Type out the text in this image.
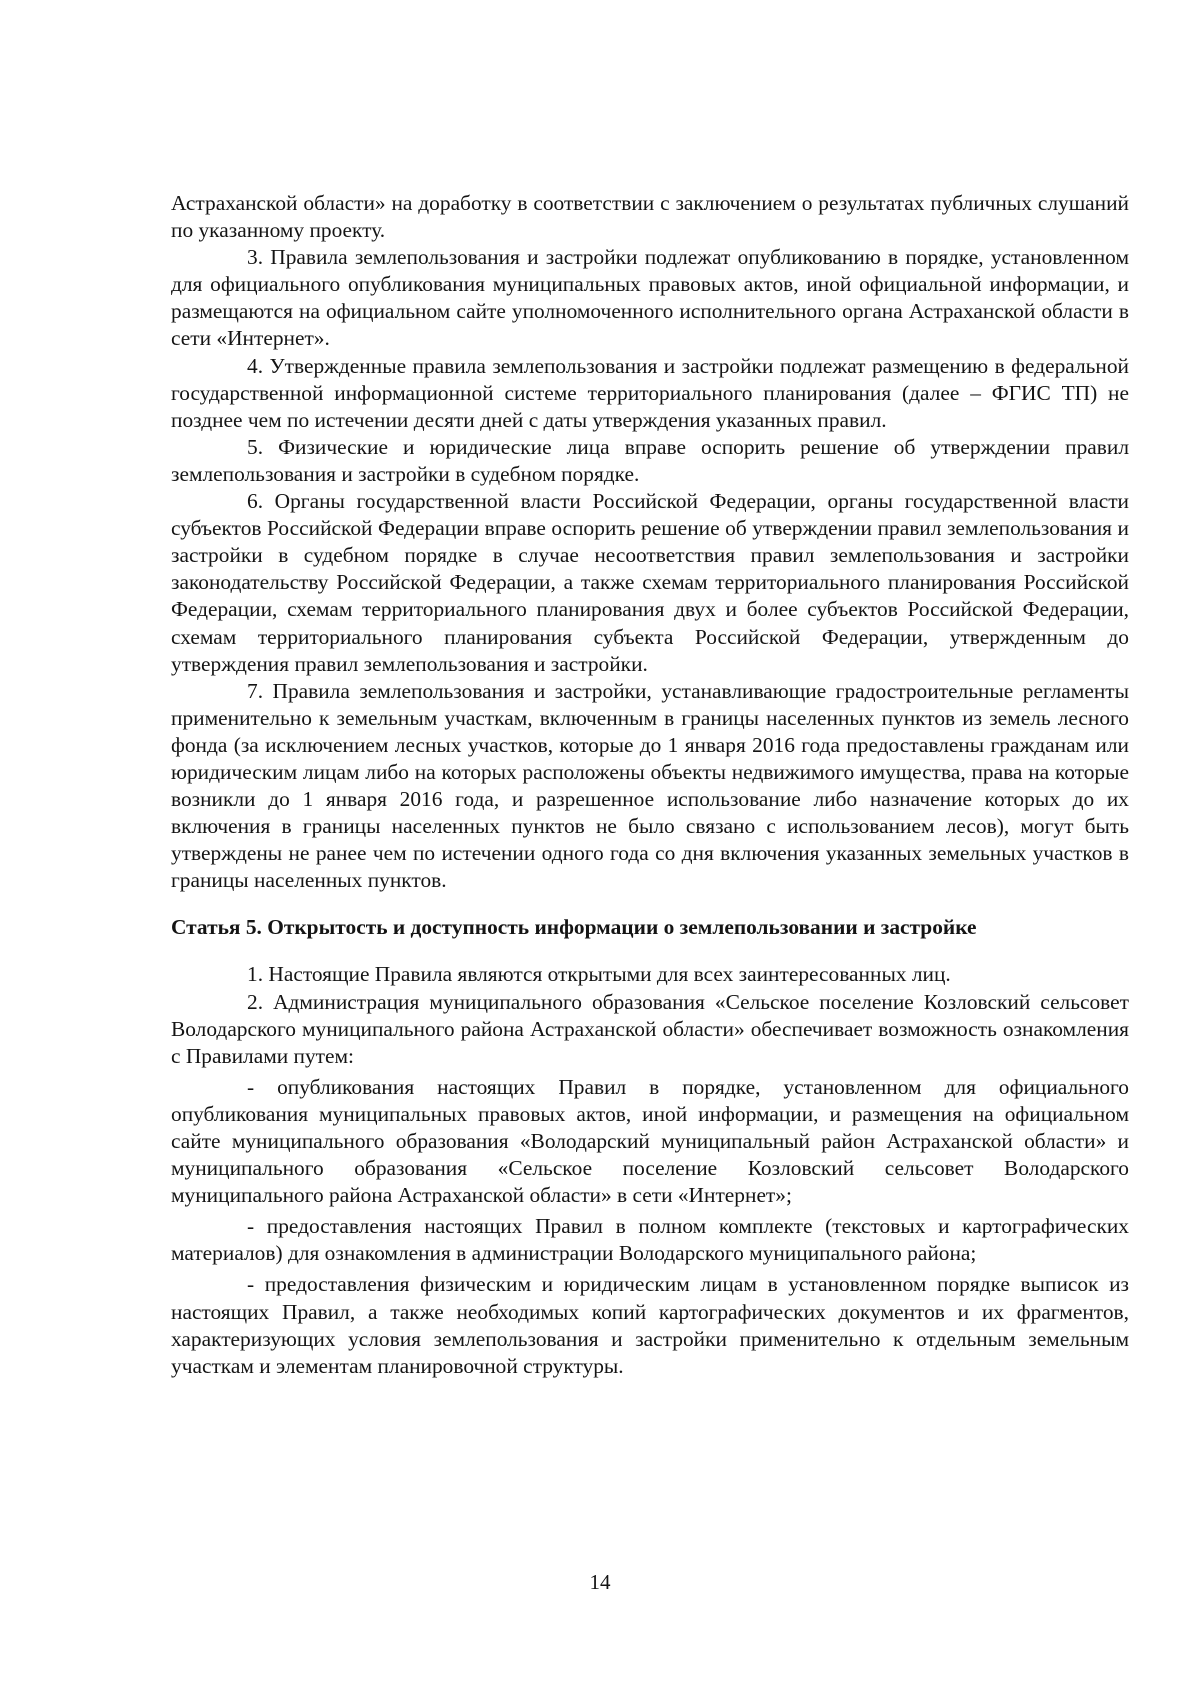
Астраханской области» на доработку в соответствии с заключением о результатах публичных слушаний по указанному проекту.

3. Правила землепользования и застройки подлежат опубликованию в порядке, установленном для официального опубликования муниципальных правовых актов, иной официальной информации, и размещаются на официальном сайте уполномоченного исполнительного органа Астраханской области в сети «Интернет».

4. Утвержденные правила землепользования и застройки подлежат размещению в федеральной государственной информационной системе территориального планирования (далее – ФГИС ТП) не позднее чем по истечении десяти дней с даты утверждения указанных правил.

5. Физические и юридические лица вправе оспорить решение об утверждении правил землепользования и застройки в судебном порядке.

6. Органы государственной власти Российской Федерации, органы государственной власти субъектов Российской Федерации вправе оспорить решение об утверждении правил землепользования и застройки в судебном порядке в случае несоответствия правил землепользования и застройки законодательству Российской Федерации, а также схемам территориального планирования Российской Федерации, схемам территориального планирования двух и более субъектов Российской Федерации, схемам территориального планирования субъекта Российской Федерации, утвержденным до утверждения правил землепользования и застройки.

7. Правила землепользования и застройки, устанавливающие градостроительные регламенты применительно к земельным участкам, включенным в границы населенных пунктов из земель лесного фонда (за исключением лесных участков, которые до 1 января 2016 года предоставлены гражданам или юридическим лицам либо на которых расположены объекты недвижимого имущества, права на которые возникли до 1 января 2016 года, и разрешенное использование либо назначение которых до их включения в границы населенных пунктов не было связано с использованием лесов), могут быть утверждены не ранее чем по истечении одного года со дня включения указанных земельных участков в границы населенных пунктов.

Статья 5. Открытость и доступность информации о землепользовании и застройке

1. Настоящие Правила являются открытыми для всех заинтересованных лиц.

2. Администрация муниципального образования «Сельское поселение Козловский сельсовет Володарского муниципального района Астраханской области» обеспечивает возможность ознакомления с Правилами путем:

- опубликования настоящих Правил в порядке, установленном для официального опубликования муниципальных правовых актов, иной информации, и размещения на официальном сайте муниципального образования «Володарский муниципальный район Астраханской области» и муниципального образования «Сельское поселение Козловский сельсовет Володарского муниципального района Астраханской области» в сети «Интернет»;

- предоставления настоящих Правил в полном комплекте (текстовых и картографических материалов) для ознакомления в администрации Володарского муниципального района;

- предоставления физическим и юридическим лицам в установленном порядке выписок из настоящих Правил, а также необходимых копий картографических документов и их фрагментов, характеризующих условия землепользования и застройки применительно к отдельным земельным участкам и элементам планировочной структуры.

14
